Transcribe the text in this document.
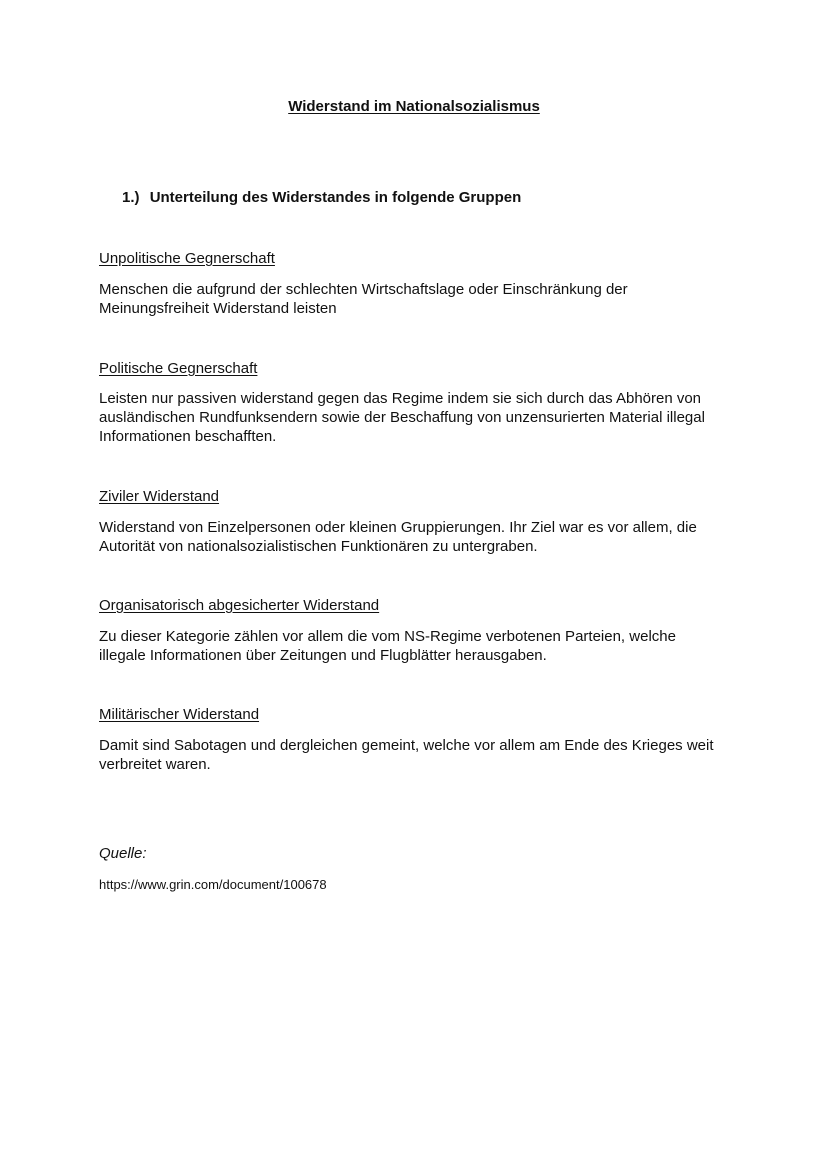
Widerstand im Nationalsozialismus
1.) Unterteilung des Widerstandes in folgende Gruppen
Unpolitische Gegnerschaft
Menschen die aufgrund der schlechten Wirtschaftslage oder Einschränkung der
Meinungsfreiheit Widerstand leisten
Politische Gegnerschaft
Leisten nur passiven widerstand gegen das Regime indem sie sich durch das Abhören von
ausländischen Rundfunksendern sowie der Beschaffung von unzensurierten Material illegal
Informationen beschafften.
Ziviler Widerstand
Widerstand von Einzelpersonen oder kleinen Gruppierungen. Ihr Ziel war es vor allem, die
Autorität von nationalsozialistischen Funktionären zu untergraben.
Organisatorisch abgesicherter Widerstand
Zu dieser Kategorie zählen vor allem die vom NS-Regime verbotenen Parteien, welche
illegale Informationen über Zeitungen und Flugblätter herausgaben.
Militärischer Widerstand
Damit sind Sabotagen und dergleichen gemeint, welche vor allem am Ende des Krieges weit
verbreitet waren.
Quelle:
https://www.grin.com/document/100678
